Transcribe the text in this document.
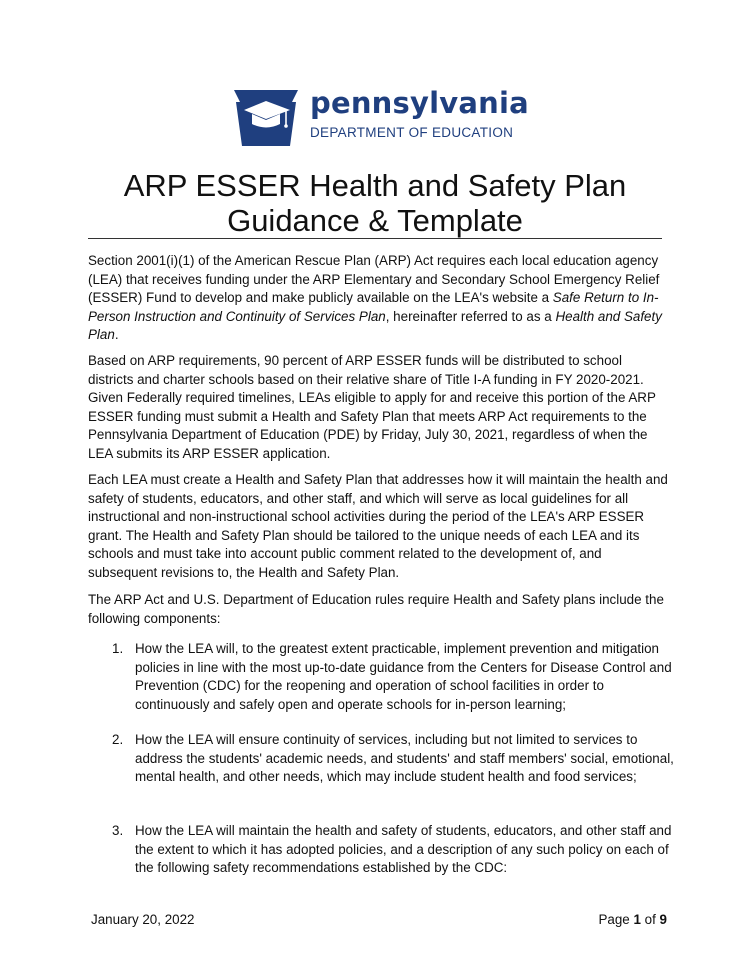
pennsylvania
DEPARTMENT OF EDUCATION
ARP ESSER Health and Safety Plan
Guidance & Template
Section 2001(i)(1) of the American Rescue Plan (ARP) Act requires each local education agency (LEA) that receives funding under the ARP Elementary and Secondary School Emergency Relief (ESSER) Fund to develop and make publicly available on the LEA's website a Safe Return to In-Person Instruction and Continuity of Services Plan, hereinafter referred to as a Health and Safety Plan.
Based on ARP requirements, 90 percent of ARP ESSER funds will be distributed to school districts and charter schools based on their relative share of Title I-A funding in FY 2020-2021. Given Federally required timelines, LEAs eligible to apply for and receive this portion of the ARP ESSER funding must submit a Health and Safety Plan that meets ARP Act requirements to the Pennsylvania Department of Education (PDE) by Friday, July 30, 2021, regardless of when the LEA submits its ARP ESSER application.
Each LEA must create a Health and Safety Plan that addresses how it will maintain the health and safety of students, educators, and other staff, and which will serve as local guidelines for all instructional and non-instructional school activities during the period of the LEA's ARP ESSER grant. The Health and Safety Plan should be tailored to the unique needs of each LEA and its schools and must take into account public comment related to the development of, and subsequent revisions to, the Health and Safety Plan.
The ARP Act and U.S. Department of Education rules require Health and Safety plans include the following components:
1. How the LEA will, to the greatest extent practicable, implement prevention and mitigation policies in line with the most up-to-date guidance from the Centers for Disease Control and Prevention (CDC) for the reopening and operation of school facilities in order to continuously and safely open and operate schools for in-person learning;
2. How the LEA will ensure continuity of services, including but not limited to services to address the students' academic needs, and students' and staff members' social, emotional, mental health, and other needs, which may include student health and food services;
3. How the LEA will maintain the health and safety of students, educators, and other staff and the extent to which it has adopted policies, and a description of any such policy on each of the following safety recommendations established by the CDC:
January 20, 2022	Page 1 of 9
